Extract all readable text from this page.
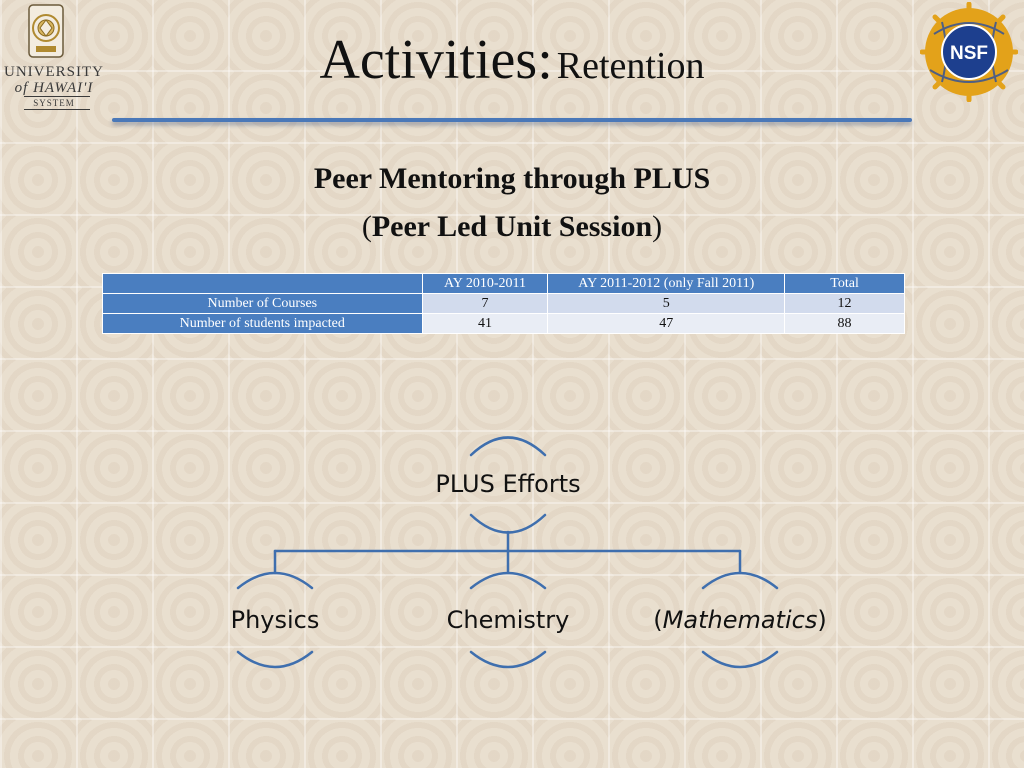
UNIVERSITY
of HAWAI'I
SYSTEM
NSF
Activities: Retention
Peer Mentoring through PLUS
(Peer Led Unit Session)
	AY 2010-2011	AY 2011-2012 (only Fall 2011)	Total
Number of Courses	7	5	12
Number of students impacted	41	47	88
PLUS Efforts
Physics	Chemistry	(Mathematics)
